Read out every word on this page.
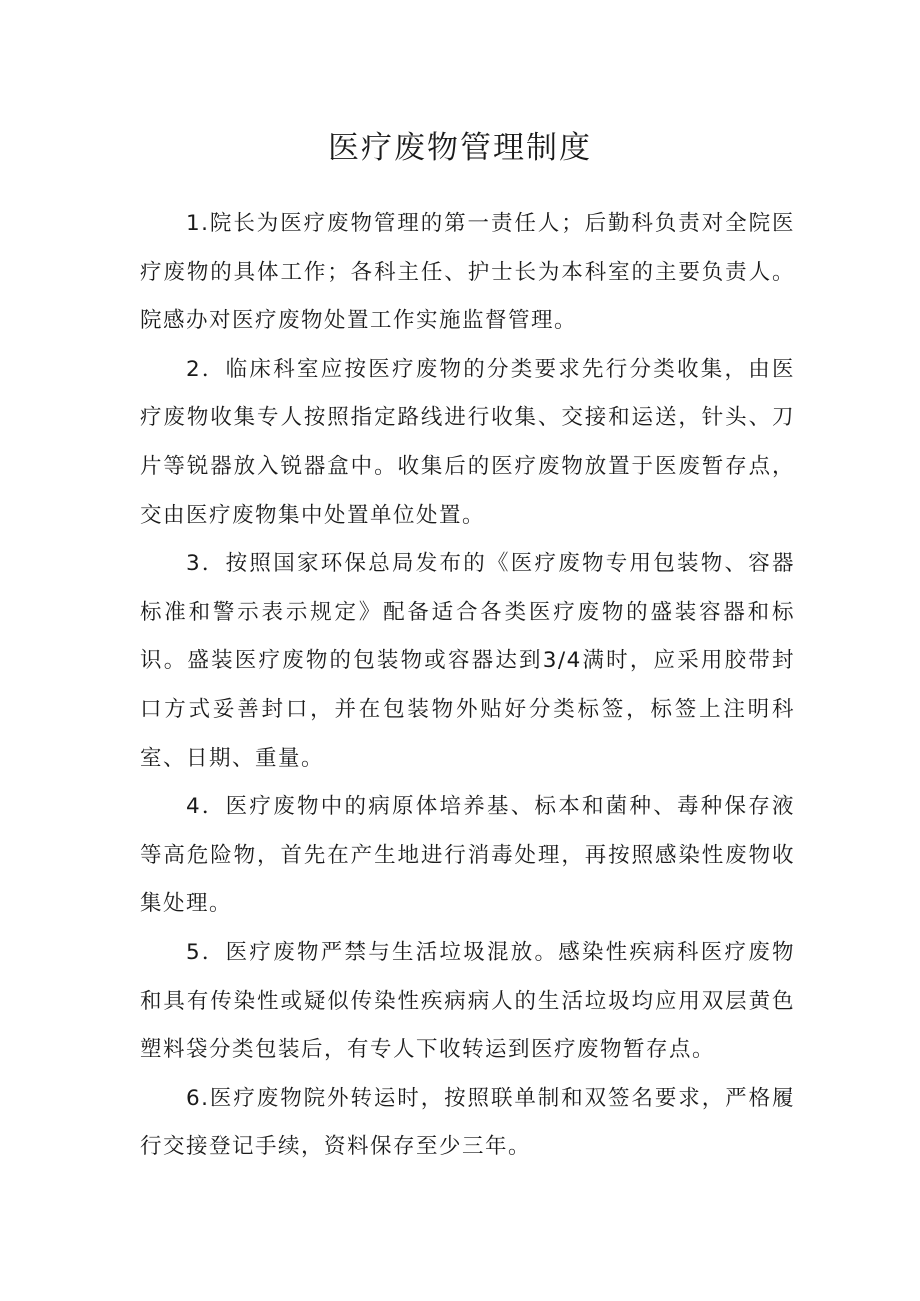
医疗废物管理制度

1.院长为医疗废物管理的第一责任人；后勤科负责对全院医疗废物的具体工作；各科主任、护士长为本科室的主要负责人。院感办对医疗废物处置工作实施监督管理。

2．临床科室应按医疗废物的分类要求先行分类收集，由医疗废物收集专人按照指定路线进行收集、交接和运送，针头、刀片等锐器放入锐器盒中。收集后的医疗废物放置于医废暂存点，交由医疗废物集中处置单位处置。

3．按照国家环保总局发布的《医疗废物专用包装物、容器标准和警示表示规定》配备适合各类医疗废物的盛装容器和标识。盛装医疗废物的包装物或容器达到3/4满时，应采用胶带封口方式妥善封口，并在包装物外贴好分类标签，标签上注明科室、日期、重量。

4．医疗废物中的病原体培养基、标本和菌种、毒种保存液等高危险物，首先在产生地进行消毒处理，再按照感染性废物收集处理。

5．医疗废物严禁与生活垃圾混放。感染性疾病科医疗废物和具有传染性或疑似传染性疾病病人的生活垃圾均应用双层黄色塑料袋分类包装后，有专人下收转运到医疗废物暂存点。

6.医疗废物院外转运时，按照联单制和双签名要求，严格履行交接登记手续，资料保存至少三年。
